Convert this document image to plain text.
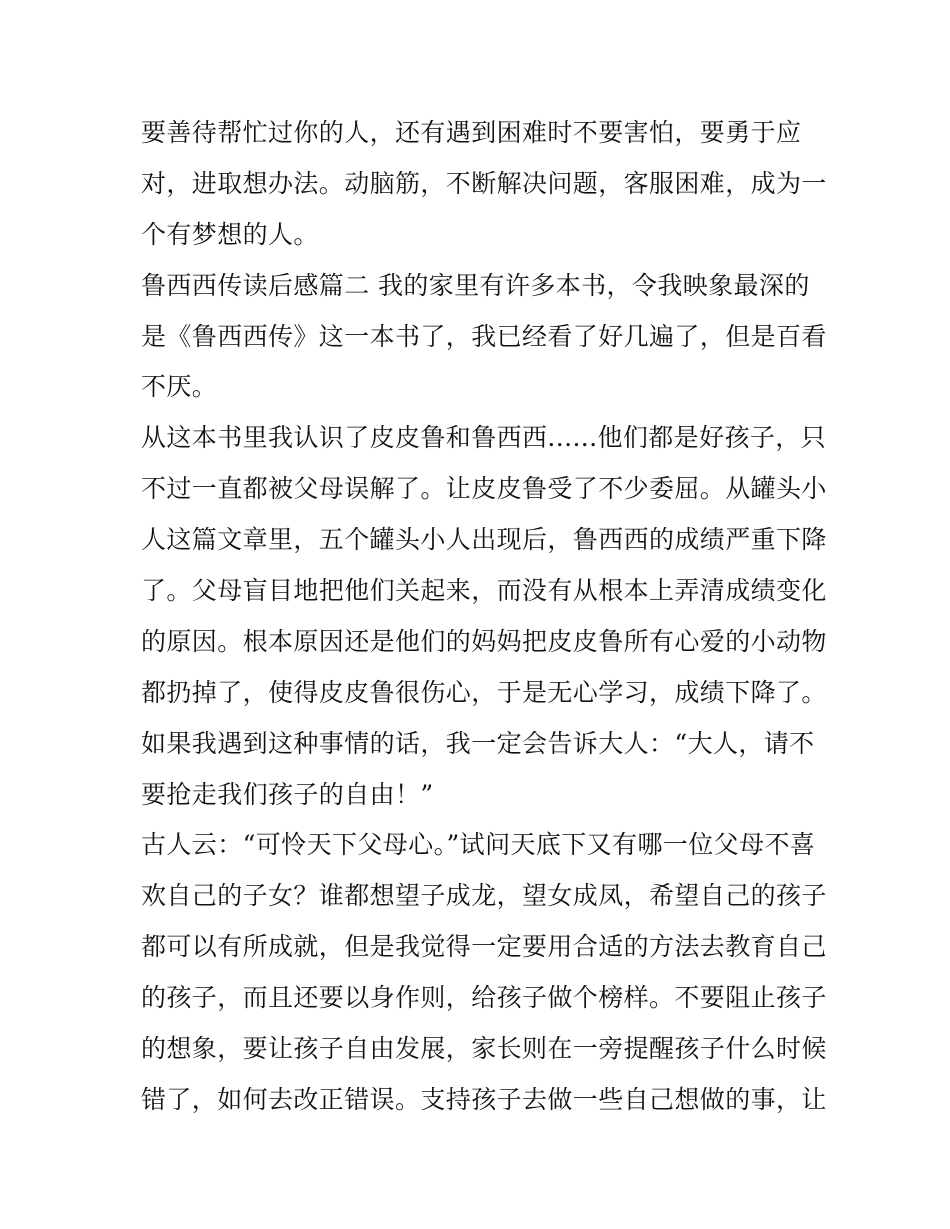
要善待帮忙过你的人，还有遇到困难时不要害怕，要勇于应
对，进取想办法。动脑筋，不断解决问题，客服困难，成为一
个有梦想的人。
鲁西西传读后感篇二 我的家里有许多本书，令我映象最深的
是《鲁西西传》这一本书了，我已经看了好几遍了，但是百看
不厌。
从这本书里我认识了皮皮鲁和鲁西西......他们都是好孩子，只
不过一直都被父母误解了。让皮皮鲁受了不少委屈。从罐头小
人这篇文章里，五个罐头小人出现后，鲁西西的成绩严重下降
了。父母盲目地把他们关起来，而没有从根本上弄清成绩变化
的原因。根本原因还是他们的妈妈把皮皮鲁所有心爱的小动物
都扔掉了，使得皮皮鲁很伤心，于是无心学习，成绩下降了。
如果我遇到这种事情的话，我一定会告诉大人：“大人，请不
要抢走我们孩子的自由！”
古人云：“可怜天下父母心。”试问天底下又有哪一位父母不喜
欢自己的子女？谁都想望子成龙，望女成凤，希望自己的孩子
都可以有所成就，但是我觉得一定要用合适的方法去教育自己
的孩子，而且还要以身作则，给孩子做个榜样。不要阻止孩子
的想象，要让孩子自由发展，家长则在一旁提醒孩子什么时候
错了，如何去改正错误。支持孩子去做一些自己想做的事，让
